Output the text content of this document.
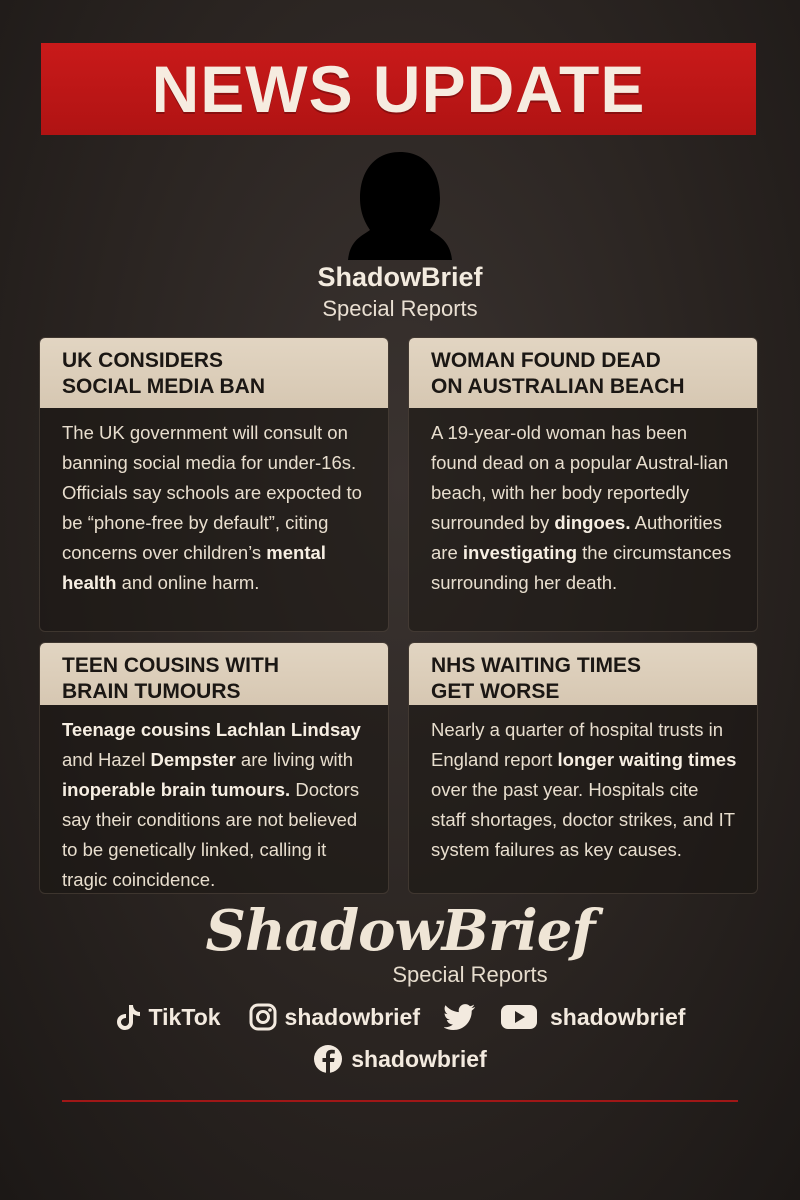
NEWS UPDATE
ShadowBrief
Special Reports
UK CONSIDERS
SOCIAL MEDIA BAN

The UK government will consult on banning social media for under-16s. Officials say schools are expocted to be “phone-free by default”, citing concerns over children’s mental health and online harm.

WOMAN FOUND DEAD
ON AUSTRALIAN BEACH

A 19-year-old woman has been found dead on a popular Austral-lian beach, with her body reportedly surrounded by dingoes. Authorities are investigating the circumstances surrounding her death.

TEEN COUSINS WITH
BRAIN TUMOURS

Teenage cousins Lachlan Lindsay and Hazel Dempster are living with inoperable brain tumours. Doctors say their conditions are not believed to be genetically linked, calling it tragic coincidence.

NHS WAITING TIMES
GET WORSE

Nearly a quarter of hospital trusts in England report longer waiting times over the past year. Hospitals cite staff shortages, doctor strikes, and IT system failures as key causes.

ShadowBrief
Special Reports
TikTok	shadowbrief	shadowbrief
shadowbrief
